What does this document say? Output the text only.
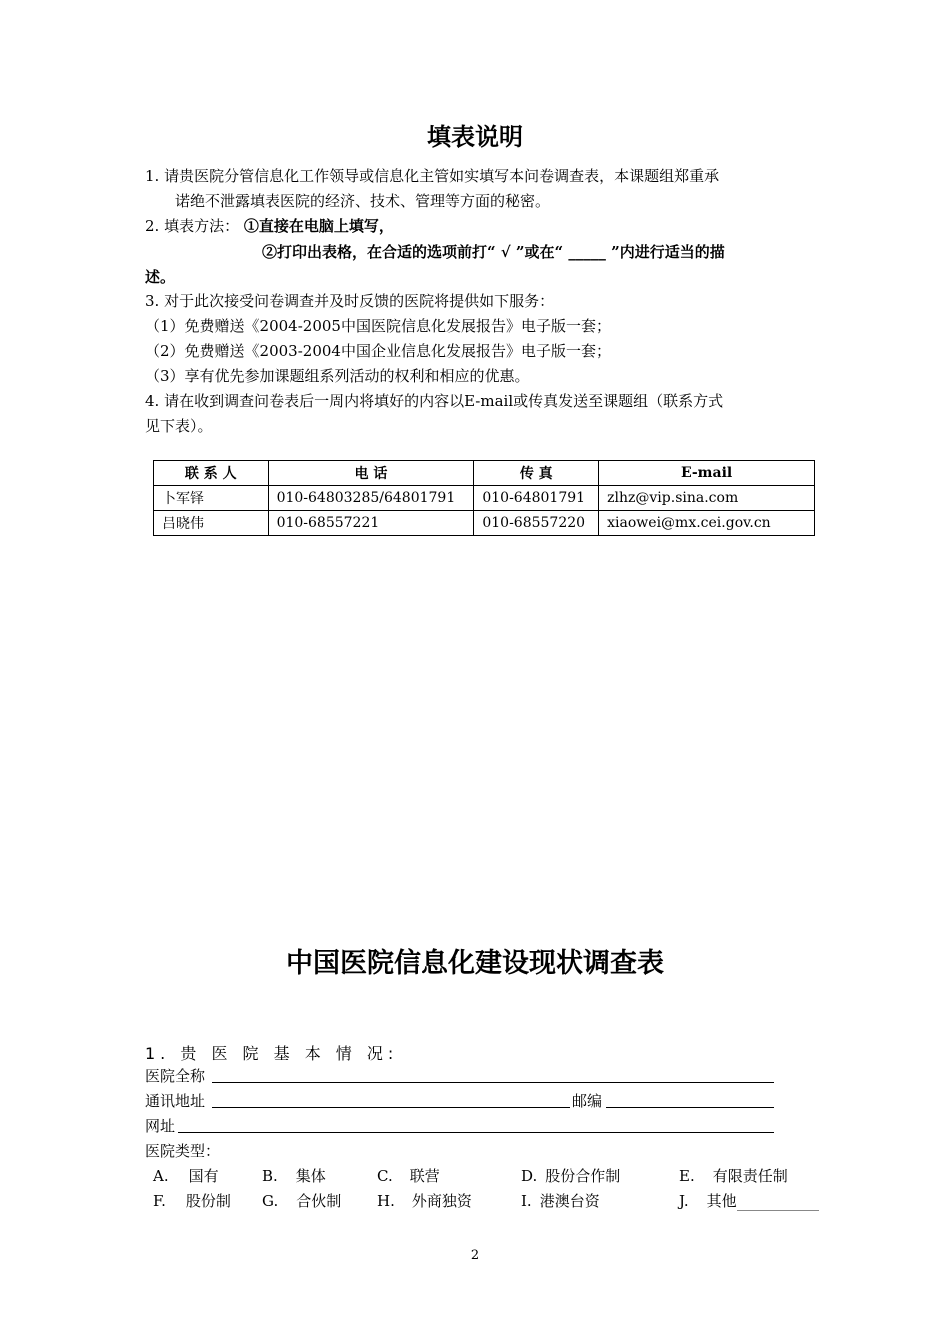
填表说明
1. 请贵医院分管信息化工作领导或信息化主管如实填写本问卷调查表，本课题组郑重承
诺绝不泄露填表医院的经济、技术、管理等方面的秘密。
2. 填表方法： ①直接在电脑上填写，
②打印出表格，在合适的选项前打“ √ ”或在“ _____ ”内进行适当的描
述。
3. 对于此次接受问卷调查并及时反馈的医院将提供如下服务：
（1）免费赠送《2004-2005中国医院信息化发展报告》电子版一套；
（2）免费赠送《2003-2004中国企业信息化发展报告》电子版一套；
（3）享有优先参加课题组系列活动的权利和相应的优惠。
4. 请在收到调查问卷表后一周内将填好的内容以E-mail或传真发送至课题组（联系方式
见下表）。
联 系 人	电 话	传 真	E-mail
卜军铎	010-64803285/64801791	010-64801791	zlhz@vip.sina.com
吕晓伟	010-68557221	010-68557220	xiaowei@mx.cei.gov.cn
中国医院信息化建设现状调查表
1. 贵 医 院 基 本 情 况:
医院全称
通讯地址	邮编
网址
医院类型：
A. 国有	B. 集体	C. 联营	D. 股份合作制	E. 有限责任制
F. 股份制 G. 合伙制 H. 外商独资	I. 港澳台资	J. 其他
2
